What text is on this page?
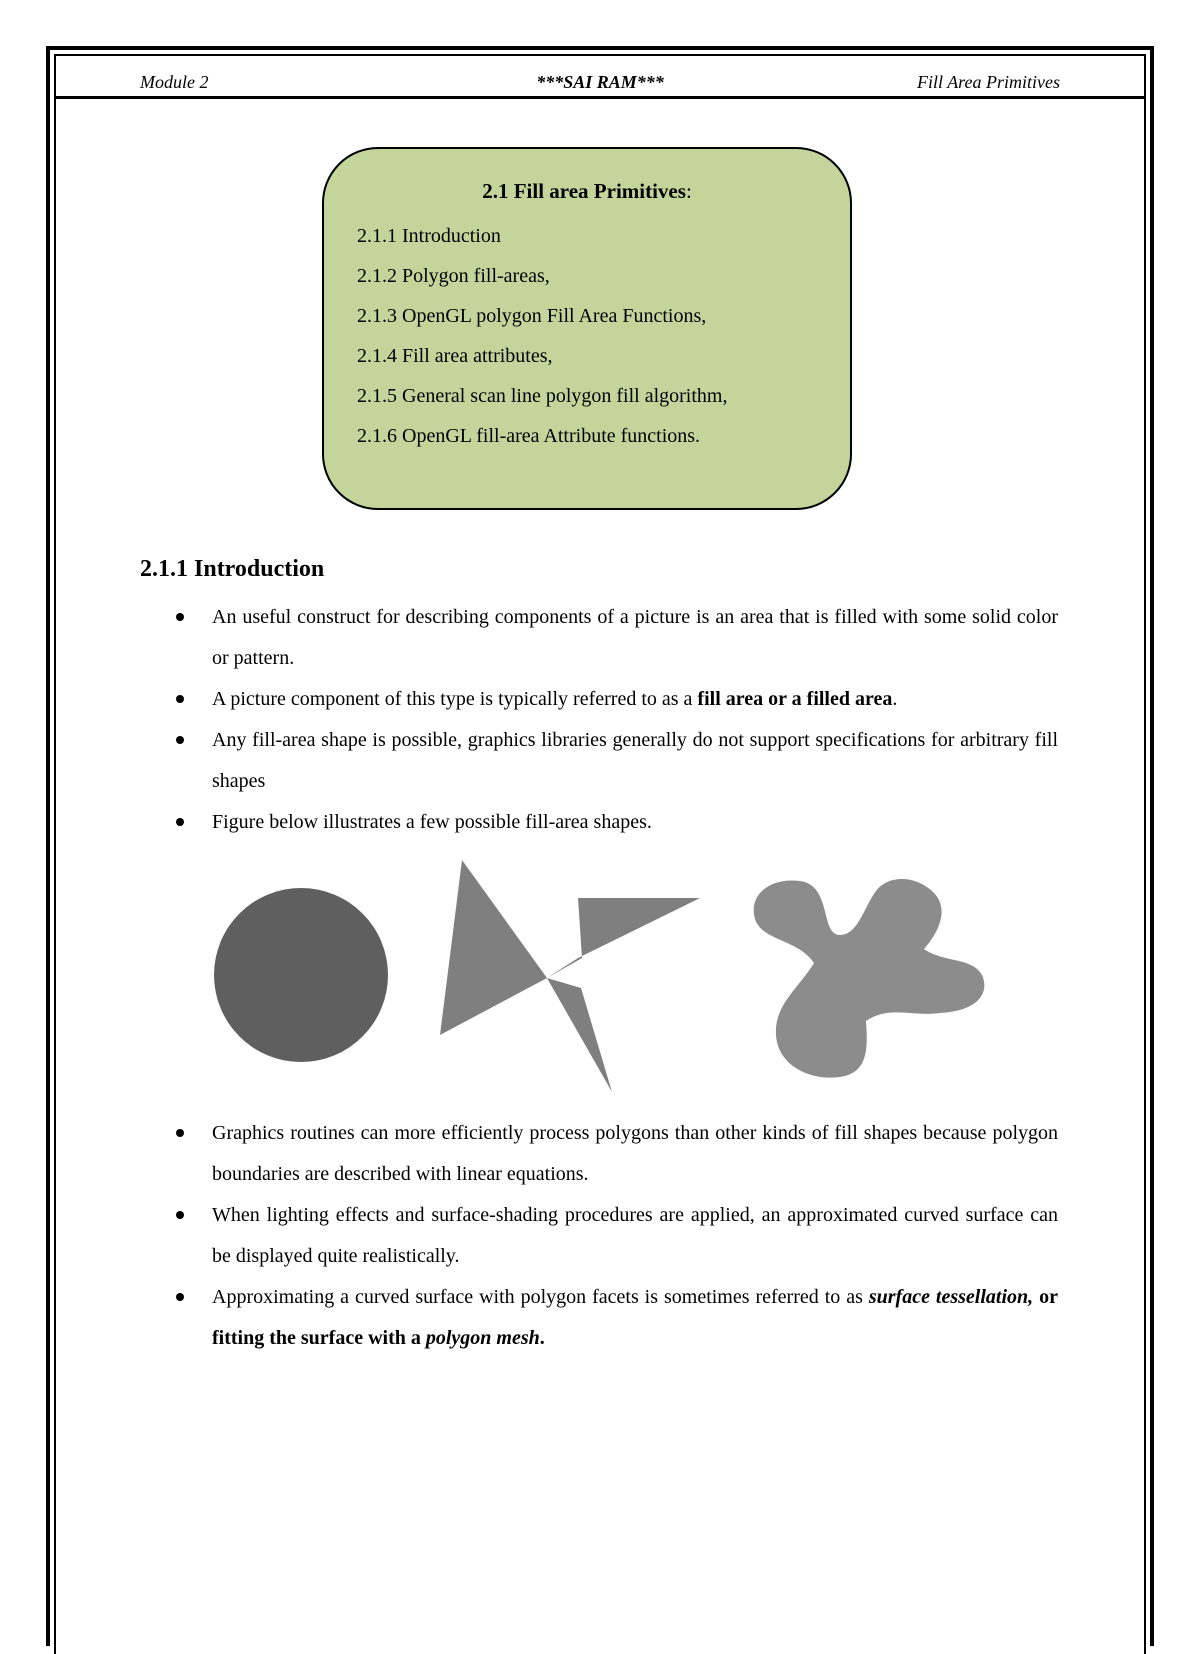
Module 2	***SAI RAM***	Fill Area Primitives
2.1 Fill area Primitives:
2.1.1 Introduction
2.1.2 Polygon fill-areas,
2.1.3 OpenGL polygon Fill Area Functions,
2.1.4 Fill area attributes,
2.1.5 General scan line polygon fill algorithm,
2.1.6 OpenGL fill-area Attribute functions.
2.1.1 Introduction
An useful construct for describing components of a picture is an area that is filled with some solid color or pattern.
A picture component of this type is typically referred to as a fill area or a filled area.
Any fill-area shape is possible, graphics libraries generally do not support specifications for arbitrary fill shapes
Figure below illustrates a few possible fill-area shapes.
Graphics routines can more efficiently process polygons than other kinds of fill shapes because polygon boundaries are described with linear equations.
When lighting effects and surface-shading procedures are applied, an approximated curved surface can be displayed quite realistically.
Approximating a curved surface with polygon facets is sometimes referred to as surface tessellation, or fitting the surface with a polygon mesh.
